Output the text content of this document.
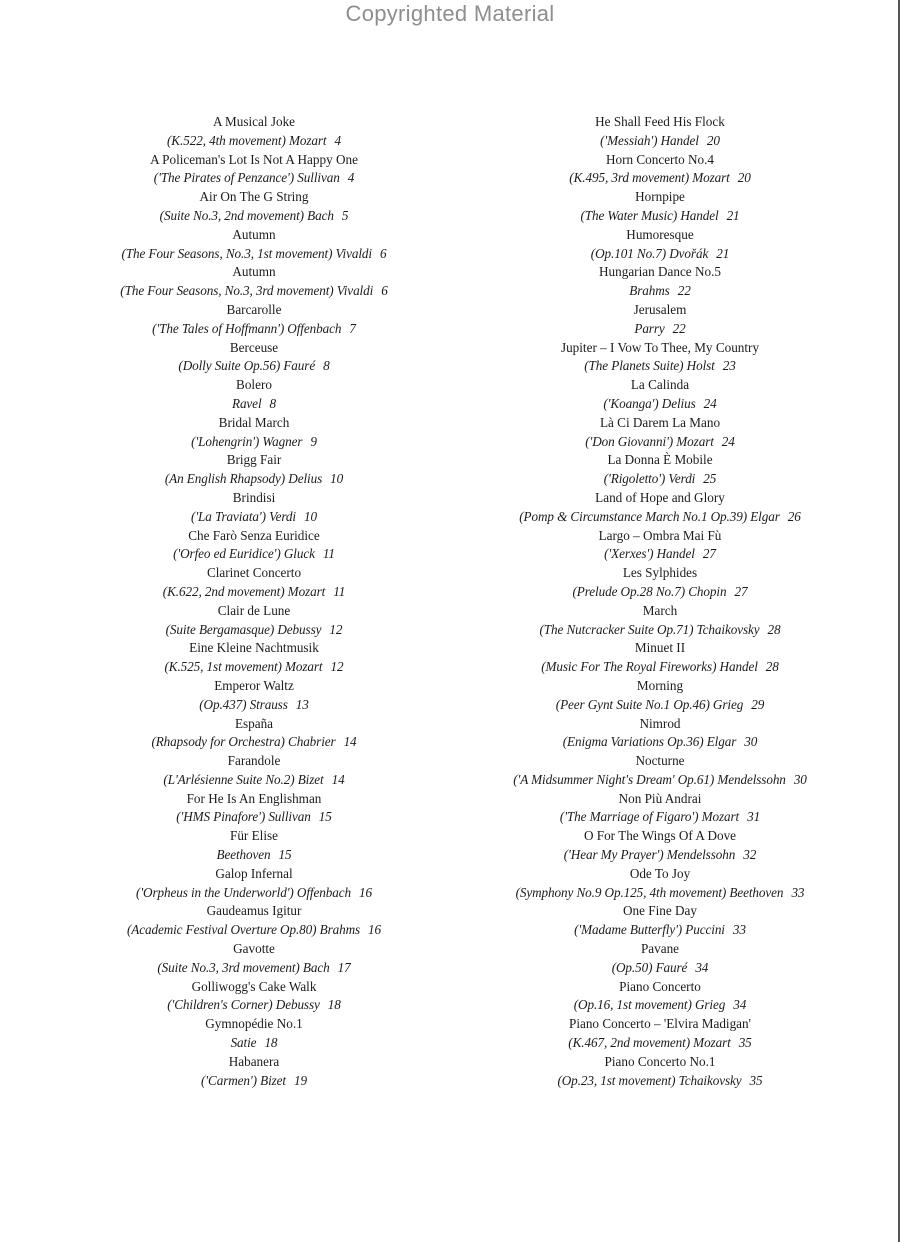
Copyrighted Material
A Musical Joke
(K.522, 4th movement) Mozart 4
A Policeman's Lot Is Not A Happy One
('The Pirates of Penzance') Sullivan 4
Air On The G String
(Suite No.3, 2nd movement) Bach 5
Autumn
(The Four Seasons, No.3, 1st movement) Vivaldi 6
Autumn
(The Four Seasons, No.3, 3rd movement) Vivaldi 6
Barcarolle
('The Tales of Hoffmann') Offenbach 7
Berceuse
(Dolly Suite Op.56) Fauré 8
Bolero
Ravel 8
Bridal March
('Lohengrin') Wagner 9
Brigg Fair
(An English Rhapsody) Delius 10
Brindisi
('La Traviata') Verdi 10
Che Farò Senza Euridice
('Orfeo ed Euridice') Gluck 11
Clarinet Concerto
(K.622, 2nd movement) Mozart 11
Clair de Lune
(Suite Bergamasque) Debussy 12
Eine Kleine Nachtmusik
(K.525, 1st movement) Mozart 12
Emperor Waltz
(Op.437) Strauss 13
España
(Rhapsody for Orchestra) Chabrier 14
Farandole
(L'Arlésienne Suite No.2) Bizet 14
For He Is An Englishman
('HMS Pinafore') Sullivan 15
Für Elise
Beethoven 15
Galop Infernal
('Orpheus in the Underworld') Offenbach 16
Gaudeamus Igitur
(Academic Festival Overture Op.80) Brahms 16
Gavotte
(Suite No.3, 3rd movement) Bach 17
Golliwogg's Cake Walk
('Children's Corner) Debussy 18
Gymnopédie No.1
Satie 18
Habanera
('Carmen') Bizet 19
He Shall Feed His Flock
('Messiah') Handel 20
Horn Concerto No.4
(K.495, 3rd movement) Mozart 20
Hornpipe
(The Water Music) Handel 21
Humoresque
(Op.101 No.7) Dvořák 21
Hungarian Dance No.5
Brahms 22
Jerusalem
Parry 22
Jupiter – I Vow To Thee, My Country
(The Planets Suite) Holst 23
La Calinda
('Koanga') Delius 24
Là Ci Darem La Mano
('Don Giovanni') Mozart 24
La Donna È Mobile
('Rigoletto') Verdi 25
Land of Hope and Glory
(Pomp & Circumstance March No.1 Op.39) Elgar 26
Largo – Ombra Mai Fù
('Xerxes') Handel 27
Les Sylphides
(Prelude Op.28 No.7) Chopin 27
March
(The Nutcracker Suite Op.71) Tchaikovsky 28
Minuet II
(Music For The Royal Fireworks) Handel 28
Morning
(Peer Gynt Suite No.1 Op.46) Grieg 29
Nimrod
(Enigma Variations Op.36) Elgar 30
Nocturne
('A Midsummer Night's Dream' Op.61) Mendelssohn 30
Non Più Andrai
('The Marriage of Figaro') Mozart 31
O For The Wings Of A Dove
('Hear My Prayer') Mendelssohn 32
Ode To Joy
(Symphony No.9 Op.125, 4th movement) Beethoven 33
One Fine Day
('Madame Butterfly') Puccini 33
Pavane
(Op.50) Fauré 34
Piano Concerto
(Op.16, 1st movement) Grieg 34
Piano Concerto – 'Elvira Madigan'
(K.467, 2nd movement) Mozart 35
Piano Concerto No.1
(Op.23, 1st movement) Tchaikovsky 35
